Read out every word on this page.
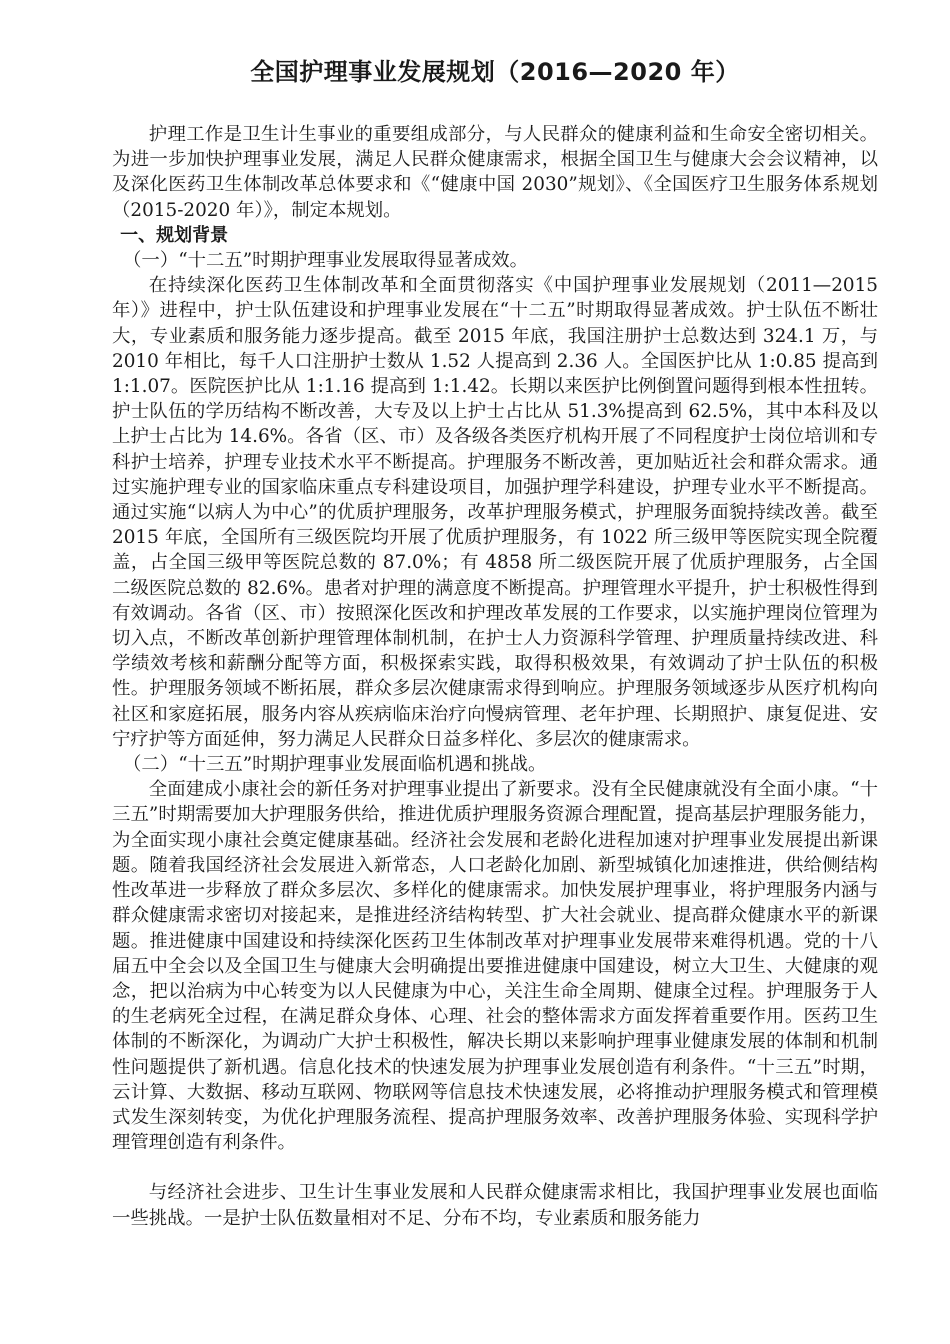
全国护理事业发展规划（2016—2020 年）

护理工作是卫生计生事业的重要组成部分，与人民群众的健康利益和生命安全密切相关。为进一步加快护理事业发展，满足人民群众健康需求，根据全国卫生与健康大会会议精神，以及深化医药卫生体制改革总体要求和《“健康中国 2030”规划》、《全国医疗卫生服务体系规划（2015-2020 年）》，制定本规划。

一、规划背景

（一）“十二五”时期护理事业发展取得显著成效。

在持续深化医药卫生体制改革和全面贯彻落实《中国护理事业发展规划（2011—2015 年）》进程中，护士队伍建设和护理事业发展在“十二五”时期取得显著成效。护士队伍不断壮大，专业素质和服务能力逐步提高。截至 2015 年底，我国注册护士总数达到 324.1 万，与 2010 年相比，每千人口注册护士数从 1.52 人提高到 2.36 人。全国医护比从 1:0.85 提高到 1:1.07。医院医护比从 1:1.16 提高到 1:1.42。长期以来医护比例倒置问题得到根本性扭转。护士队伍的学历结构不断改善，大专及以上护士占比从 51.3%提高到 62.5%，其中本科及以上护士占比为 14.6%。各省（区、市）及各级各类医疗机构开展了不同程度护士岗位培训和专科护士培养，护理专业技术水平不断提高。护理服务不断改善，更加贴近社会和群众需求。通过实施护理专业的国家临床重点专科建设项目，加强护理学科建设，护理专业水平不断提高。通过实施“以病人为中心”的优质护理服务，改革护理服务模式，护理服务面貌持续改善。截至 2015 年底，全国所有三级医院均开展了优质护理服务，有 1022 所三级甲等医院实现全院覆盖，占全国三级甲等医院总数的 87.0%；有 4858 所二级医院开展了优质护理服务，占全国二级医院总数的 82.6%。患者对护理的满意度不断提高。护理管理水平提升，护士积极性得到有效调动。各省（区、市）按照深化医改和护理改革发展的工作要求，以实施护理岗位管理为切入点，不断改革创新护理管理体制机制，在护士人力资源科学管理、护理质量持续改进、科学绩效考核和薪酬分配等方面，积极探索实践，取得积极效果，有效调动了护士队伍的积极性。护理服务领域不断拓展，群众多层次健康需求得到响应。护理服务领域逐步从医疗机构向社区和家庭拓展，服务内容从疾病临床治疗向慢病管理、老年护理、长期照护、康复促进、安宁疗护等方面延伸，努力满足人民群众日益多样化、多层次的健康需求。

（二）“十三五”时期护理事业发展面临机遇和挑战。

全面建成小康社会的新任务对护理事业提出了新要求。没有全民健康就没有全面小康。“十三五”时期需要加大护理服务供给，推进优质护理服务资源合理配置，提高基层护理服务能力，为全面实现小康社会奠定健康基础。经济社会发展和老龄化进程加速对护理事业发展提出新课题。随着我国经济社会发展进入新常态，人口老龄化加剧、新型城镇化加速推进，供给侧结构性改革进一步释放了群众多层次、多样化的健康需求。加快发展护理事业，将护理服务内涵与群众健康需求密切对接起来，是推进经济结构转型、扩大社会就业、提高群众健康水平的新课题。推进健康中国建设和持续深化医药卫生体制改革对护理事业发展带来难得机遇。党的十八届五中全会以及全国卫生与健康大会明确提出要推进健康中国建设，树立大卫生、大健康的观念，把以治病为中心转变为以人民健康为中心，关注生命全周期、健康全过程。护理服务于人的生老病死全过程，在满足群众身体、心理、社会的整体需求方面发挥着重要作用。医药卫生体制的不断深化，为调动广大护士积极性，解决长期以来影响护理事业健康发展的体制和机制性问题提供了新机遇。信息化技术的快速发展为护理事业发展创造有利条件。“十三五”时期，云计算、大数据、移动互联网、物联网等信息技术快速发展，必将推动护理服务模式和管理模式发生深刻转变，为优化护理服务流程、提高护理服务效率、改善护理服务体验、实现科学护理管理创造有利条件。

与经济社会进步、卫生计生事业发展和人民群众健康需求相比，我国护理事业发展也面临一些挑战。一是护士队伍数量相对不足、分布不均，专业素质和服务能力
